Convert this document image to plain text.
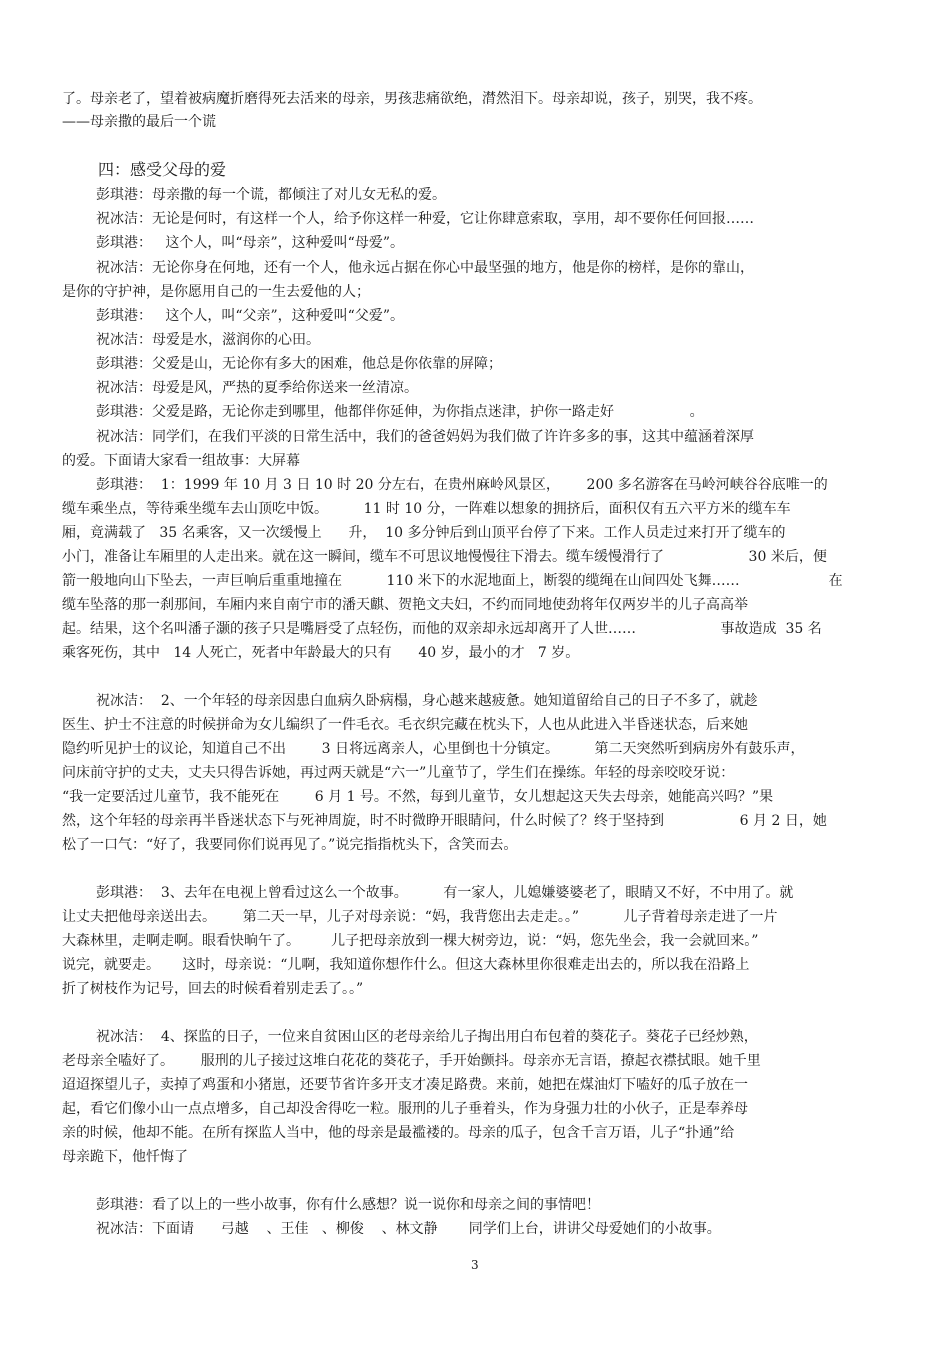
了。母亲老了，望着被病魔折磨得死去活来的母亲，男孩悲痛欲绝，潸然泪下。母亲却说，孩子，别哭，我不疼。
——母亲撒的最后一个谎
四：感受父母的爱
彭琪港：母亲撒的每一个谎，都倾注了对儿女无私的爱。
祝冰洁：无论是何时，有这样一个人，给予你这样一种爱，它让你肆意索取，享用，却不要你任何回报……
彭琪港：   这个人，叫“母亲”，这种爱叫“母爱”。
祝冰洁：无论你身在何地，还有一个人，他永远占据在你心中最坚强的地方，他是你的榜样，是你的靠山，
是你的守护神，是你愿用自己的一生去爱他的人；
彭琪港：   这个人，叫“父亲”，这种爱叫“父爱”。
祝冰洁：母爱是水，滋润你的心田。
彭琪港：父爱是山，无论你有多大的困难，他总是你依靠的屏障；
祝冰洁：母爱是风，严热的夏季给你送来一丝清凉。
彭琪港：父爱是路，无论你走到哪里，他都伴你延伸，为你指点迷津，护你一路走好                 。
祝冰洁：同学们，在我们平淡的日常生活中，我们的爸爸妈妈为我们做了许许多多的事，这其中蕴涵着深厚
的爱。下面请大家看一组故事：大屏幕
彭琪港：  1：1999 年 10 月 3 日 10 时 20 分左右，在贵州麻岭风景区，      200 多名游客在马岭河峡谷谷底唯一的
缆车乘坐点，等待乘坐缆车去山顶吃中饭。        11 时 10 分，一阵难以想象的拥挤后，面积仅有五六平方米的缆车车
厢，竟满载了   35 名乘客，又一次缓慢上      升，  10 多分钟后到山顶平台停了下来。工作人员走过来打开了缆车的
小门，准备让车厢里的人走出来。就在这一瞬间，缆车不可思议地慢慢往下滑去。缆车缓慢滑行了                   30 米后，便
箭一般地向山下坠去，一声巨响后重重地撞在          110 米下的水泥地面上，断裂的缆绳在山间四处飞舞……                    在
缆车坠落的那一刹那间，车厢内来自南宁市的潘天麒、贺艳文夫妇，不约而同地使劲将年仅两岁半的儿子高高举
起。结果，这个名叫潘子灏的孩子只是嘴唇受了点轻伤，而他的双亲却永远却离开了人世……                   事故造成  35 名
乘客死伤，其中   14 人死亡，死者中年龄最大的只有      40 岁，最小的才   7 岁。
祝冰洁：  2、一个年轻的母亲因患白血病久卧病榻，身心越来越疲惫。她知道留给自己的日子不多了，就趁
医生、护士不注意的时候拼命为女儿编织了一件毛衣。毛衣织完藏在枕头下，人也从此进入半昏迷状态，后来她
隐约听见护士的议论，知道自己不出        3 日将远离亲人，心里倒也十分镇定。        第二天突然听到病房外有鼓乐声，
问床前守护的丈夫，丈夫只得告诉她，再过两天就是“六一”儿童节了，学生们在操练。年轻的母亲咬咬牙说：
“我一定要活过儿童节，我不能死在        6 月 1 号。不然，每到儿童节，女儿想起这天失去母亲，她能高兴吗？”果
然，这个年轻的母亲再半昏迷状态下与死神周旋，时不时微睁开眼睛问，什么时候了？终于坚持到                 6 月 2 日，她
松了一口气：“好了，我要同你们说再见了。”说完指指枕头下，含笑而去。
彭琪港：  3、去年在电视上曾看过这么一个故事。        有一家人，儿媳嫌婆婆老了，眼睛又不好，不中用了。就
让丈夫把他母亲送出去。      第二天一早，儿子对母亲说：“妈，我背您出去走走。。”          儿子背着母亲走进了一片
大森林里，走啊走啊。眼看快晌午了。       儿子把母亲放到一棵大树旁边，说：“妈，您先坐会，我一会就回来。”
说完，就要走。     这时，母亲说：“儿啊，我知道你想作什么。但这大森林里你很难走出去的，所以我在沿路上
折了树枝作为记号，回去的时候看着别走丢了。。”
祝冰洁：  4、探监的日子，一位来自贫困山区的老母亲给儿子掏出用白布包着的葵花子。葵花子已经炒熟，
老母亲全嗑好了。      服刑的儿子接过这堆白花花的葵花子，手开始颤抖。母亲亦无言语，撩起衣襟拭眼。她千里
迢迢探望儿子，卖掉了鸡蛋和小猪崽，还要节省许多开支才凑足路费。来前，她把在煤油灯下嗑好的瓜子放在一
起，看它们像小山一点点增多，自己却没舍得吃一粒。服刑的儿子垂着头，作为身强力壮的小伙子，正是奉养母
亲的时候，他却不能。在所有探监人当中，他的母亲是最褴褛的。母亲的瓜子，包含千言万语，儿子“扑通”给
母亲跪下，他忏悔了
彭琪港：看了以上的一些小故事，你有什么感想？说一说你和母亲之间的事情吧！
祝冰洁：下面请      弓越    、王佳   、柳俊    、林文静       同学们上台，讲讲父母爱她们的小故事。
3
